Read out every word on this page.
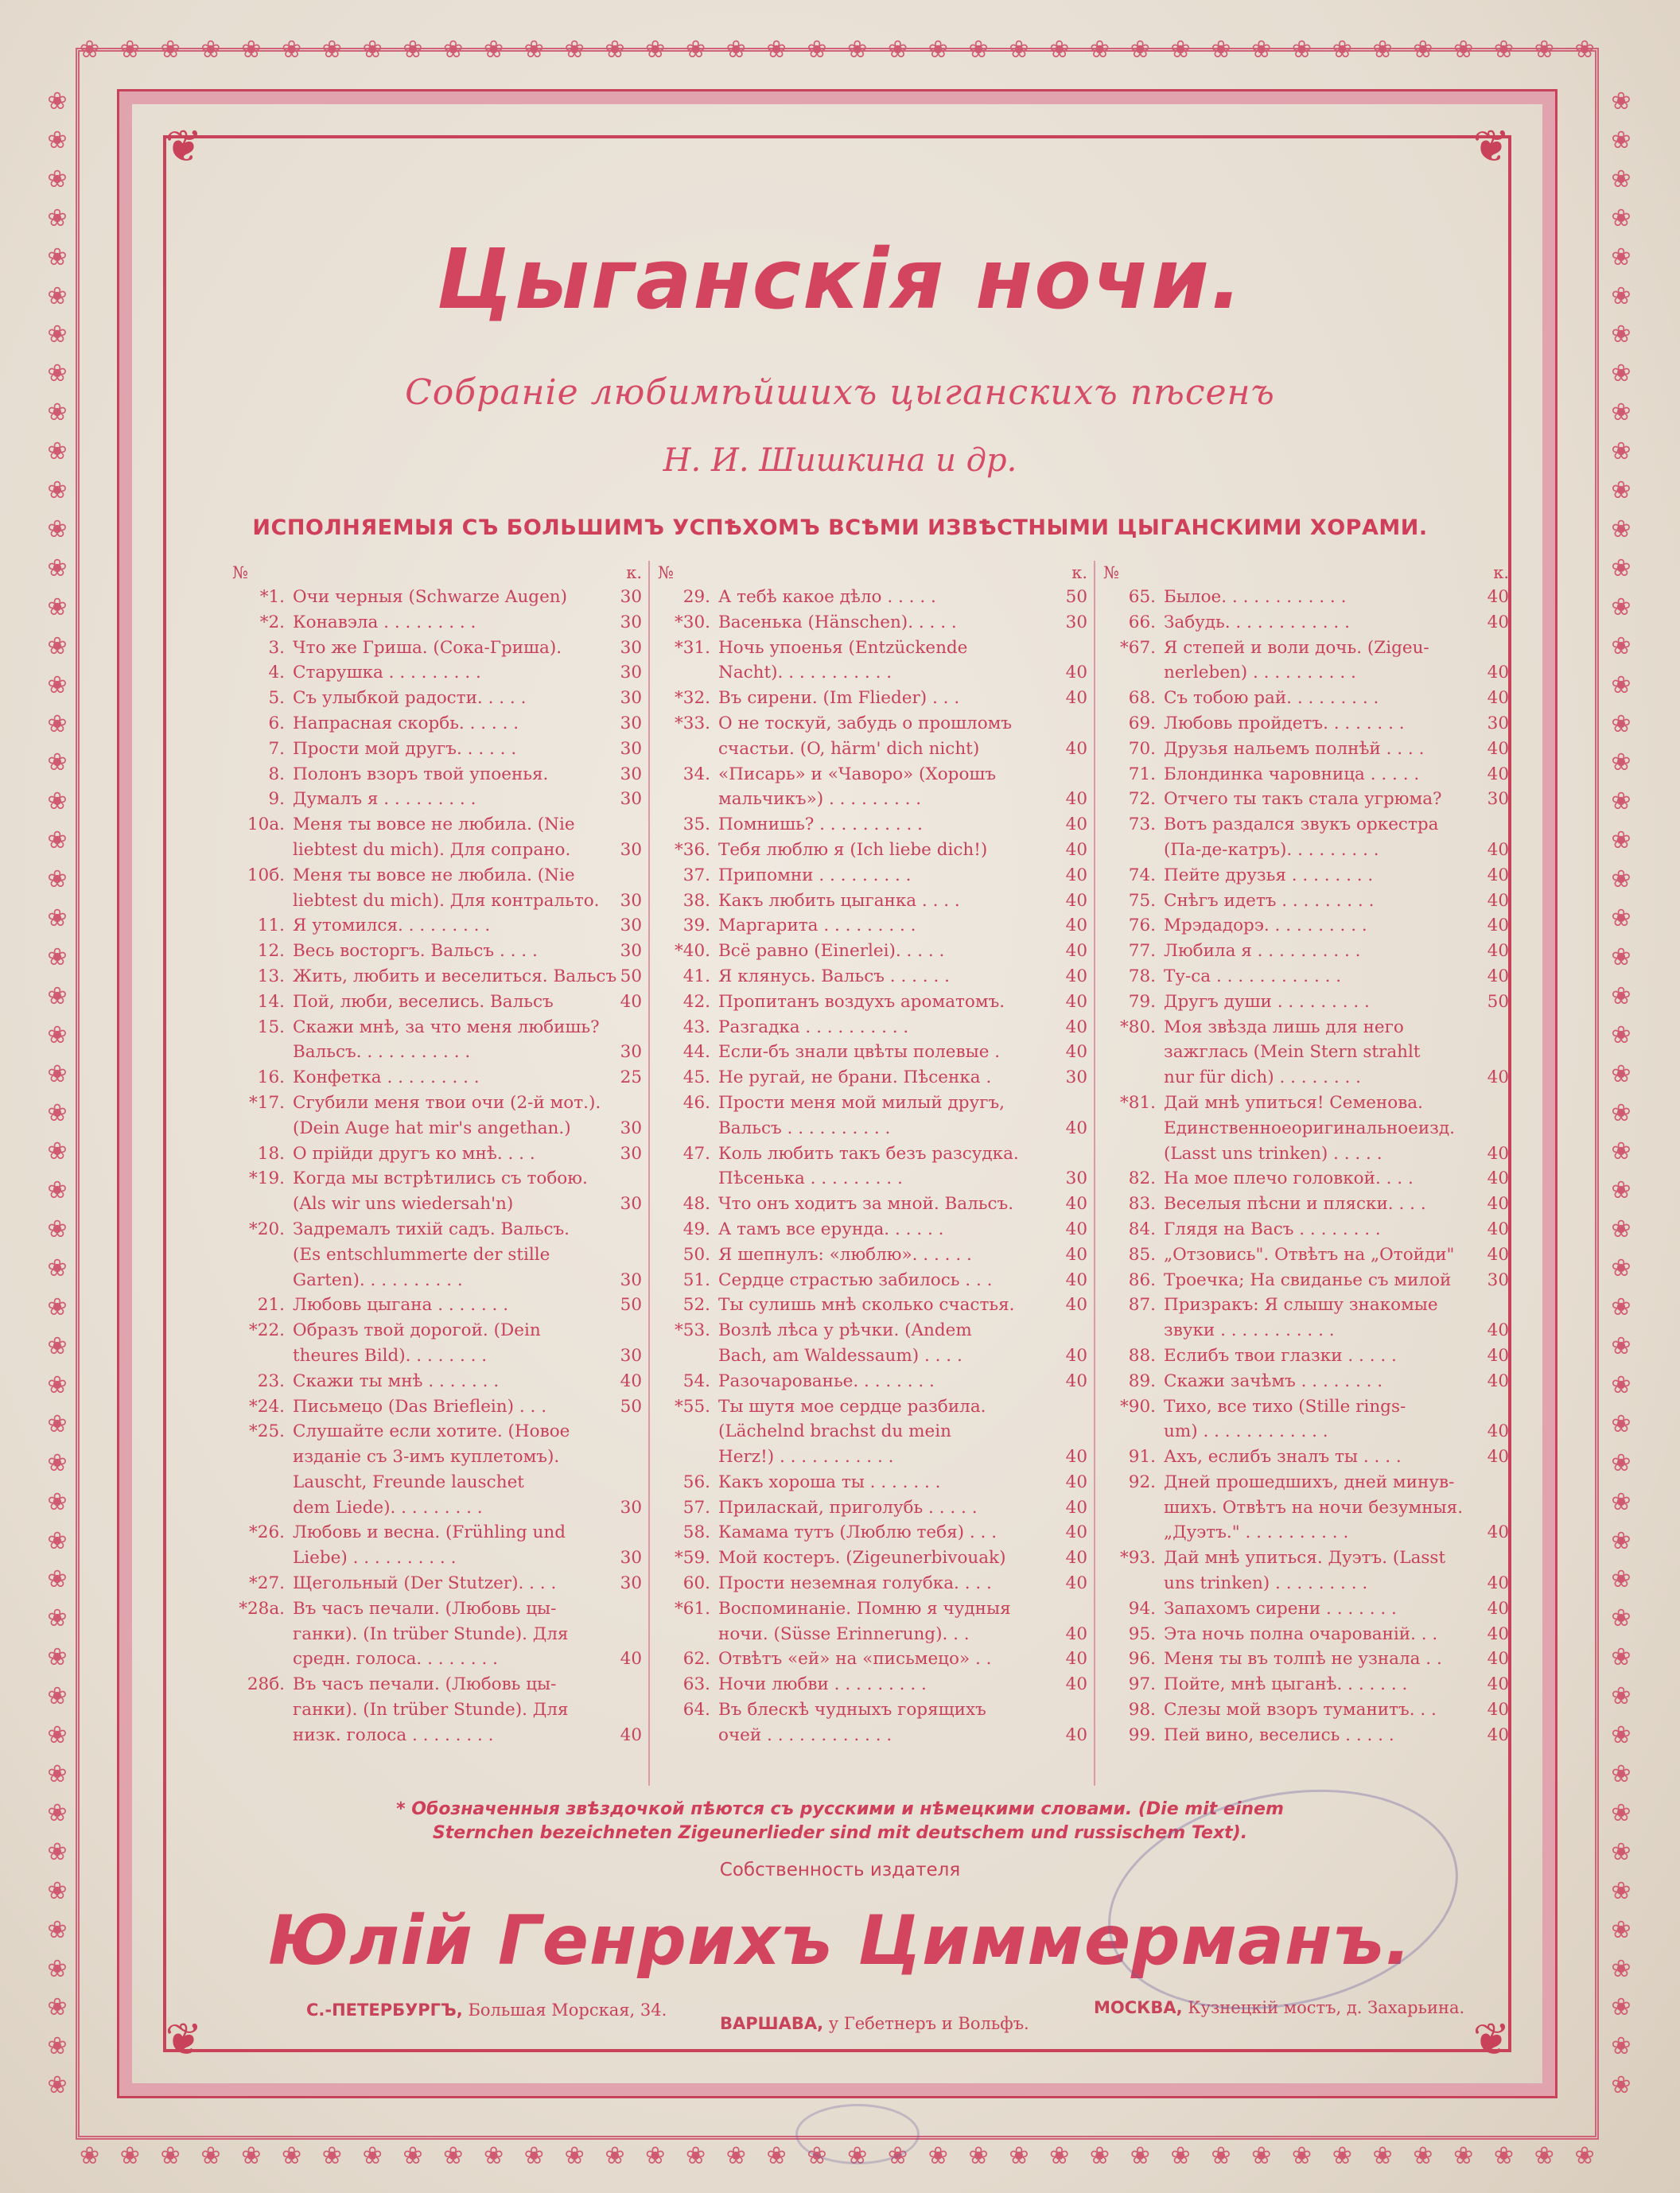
❀ ❀ ❀ ❀ ❀ ❀ ❀ ❀ ❀ ❀ ❀ ❀ ❀ ❀ ❀ ❀ ❀ ❀ ❀ ❀ ❀ ❀ ❀ ❀ ❀ ❀ ❀ ❀ ❀ ❀ ❀ ❀ ❀ ❀ ❀ ❀ ❀ ❀
❀ ❀ ❀ ❀ ❀ ❀ ❀ ❀ ❀ ❀ ❀ ❀ ❀ ❀ ❀ ❀ ❀ ❀ ❀ ❀ ❀ ❀ ❀ ❀ ❀ ❀ ❀ ❀ ❀ ❀ ❀ ❀ ❀ ❀ ❀ ❀ ❀ ❀
❀
❀
❀
❀
❀
❀
❀
❀
❀
❀
❀
❀
❀
❀
❀
❀
❀
❀
❀
❀
❀
❀
❀
❀
❀
❀
❀
❀
❀
❀
❀
❀
❀
❀
❀
❀
❀
❀
❀
❀
❀
❀
❀
❀
❀
❀
❀
❀
❀
❀
❀
❀
❀
❀
❀
❀
❀
❀
❀
❀
❀
❀
❀
❀
❀
❀
❀
❀
❀
❀
❀
❀
❀
❀
❀
❀
❀
❀
❀
❀
❀
❀
❀
❀
❀
❀
❀
❀
❀
❀
❀
❀
❀
❀
❀
❀
❀
❀
❀
❀
❀
❀
❀
❀
❦	❦
❦	❦
Цыганскія ночи.
Собраніе любимѣйшихъ цыганскихъ пѣсенъ
Н. И. Шишкина и др.
ИСПОЛНЯЕМЫЯ СЪ БОЛЬШИМЪ УСПѢХОМЪ ВСѢМИ ИЗВѢСТНЫМИ ЦЫГАНСКИМИ ХОРАМИ.
№	к.
*1. Очи черныя (Schwarze Augen)	30
*2. Конавэла . . . . . . . . .	30
3. Что же Гриша. (Сока-Гриша).	30
4. Старушка . . . . . . . . .	30
5. Съ улыбкой радости. . . . .	30
6. Напрасная скорбь. . . . . .	30
7. Прости мой другъ. . . . . .	30
8. Полонъ взоръ твой упоенья.	30
9. Думалъ я . . . . . . . . .	30
10a. Меня ты вовсе не любила. (Nie
liebtest du mich). Для сопрано.	30
10б. Меня ты вовсе не любила. (Nie
liebtest du mich). Для контральто.	30
11. Я утомился. . . . . . . . .	30
12. Весь восторгъ. Вальсъ . . . .	30
13. Жить, любить и веселиться. Вальсъ 50
14. Пой, люби, веселись. Вальсъ	40
15. Скажи мнѣ, за что меня любишь?
Вальсъ. . . . . . . . . . .	30
16. Конфетка . . . . . . . . .	25
*17. Сгубили меня твои очи (2-й мот.).
(Dein Auge hat mir's angethan.)	30
18. О прійди другъ ко мнѣ. . . .	30
*19. Когда мы встрѣтились съ тобою.
(Als wir uns wiedersah'n)	30
*20. Задремалъ тихій садъ. Вальсъ.
(Es entschlummerte der stille
Garten). . . . . . . . . .	30
21. Любовь цыгана . . . . . . .	50
*22. Образъ твой дорогой. (Dein
theures Bild). . . . . . . .	30
23. Скажи ты мнѣ . . . . . . .	40
*24. Письмецо (Das Brieflein) . . .	50
*25. Слушайте если хотите. (Новое
изданіе съ 3-имъ куплетомъ).
Lauscht, Freunde lauschet
dem Liede). . . . . . . . .	30
*26. Любовь и весна. (Frühling und
Liebe) . . . . . . . . . .	30
*27. Щегольный (Der Stutzer). . . .	30
*28a. Въ часъ печали. (Любовь цы-
ганки). (In trüber Stunde). Для
средн. голоса. . . . . . . .	40
28б. Въ часъ печали. (Любовь цы-
ганки). (In trüber Stunde). Для
низк. голоса . . . . . . . .	40
№	к.
29. А тебѣ какое дѣло . . . . .	50
*30. Васенька (Hänschen). . . . .	30
*31. Ночь упоенья (Entzückende
Nacht). . . . . . . . . . .	40
*32. Въ сирени. (Im Flieder) . . .	40
*33. О не тоскуй, забудь о прошломъ
счастьи. (O, härm' dich nicht)	40
34. «Писарь» и «Чаворо» (Хорошъ
мальчикъ») . . . . . . . . .	40
35. Помнишь? . . . . . . . . . .	40
*36. Тебя люблю я (Ich liebe dich!)	40
37. Припомни . . . . . . . . .	40
38. Какъ любить цыганка . . . .	40
39. Маргарита . . . . . . . . .	40
*40. Всё равно (Einerlei). . . . .	40
41. Я клянусь. Вальсъ . . . . . .	40
42. Пропитанъ воздухъ ароматомъ.	40
43. Разгадка . . . . . . . . . .	40
44. Если-бъ знали цвѣты полевые .	40
45. Не ругай, не брани. Пѣсенка .	30
46. Прости меня мой милый другъ,
Вальсъ . . . . . . . . . .	40
47. Коль любить такъ безъ разсудка.
Пѣсенька . . . . . . . . .	30
48. Что онъ ходитъ за мной. Вальсъ.	40
49. А тамъ все ерунда. . . . . .	40
50. Я шепнулъ: «люблю». . . . . .	40
51. Сердце страстью забилось . . .	40
52. Ты сулишь мнѣ сколько счастья.	40
*53. Возлѣ лѣса у рѣчки. (Andem
Bach, am Waldessaum) . . . .	40
54. Разочарованье. . . . . . . .	40
*55. Ты шутя мое сердце разбила.
(Lächelnd brachst du mein
Herz!) . . . . . . . . . . .	40
56. Какъ хороша ты . . . . . . .	40
57. Приласкай, приголубь . . . . .	40
58. Камама тутъ (Люблю тебя) . . .	40
*59. Мой костеръ. (Zigeunerbivouak)	40
60. Прости неземная голубка. . . .	40
*61. Воспоминаніе. Помню я чудныя
ночи. (Süsse Erinnerung). . .	40
62. Отвѣтъ «ей» на «письмецо» . .	40
63. Ночи любви . . . . . . . . .	40
64. Въ блескѣ чудныхъ горящихъ
очей . . . . . . . . . . . .	40
№	к.
65. Былое. . . . . . . . . . . .	40
66. Забудь. . . . . . . . . . . .	40
*67. Я степей и воли дочь. (Zigeu-
nerleben) . . . . . . . . . .	40
68. Съ тобою рай. . . . . . . . .	40
69. Любовь пройдетъ. . . . . . . .	30
70. Друзья нальемъ полнѣй . . . .	40
71. Блондинка чаровница . . . . .	40
72. Отчего ты такъ стала угрюма?	30
73. Вотъ раздался звукъ оркестра
(Па-де-катръ). . . . . . . . .	40
74. Пейте друзья . . . . . . . .	40
75. Снѣгъ идетъ . . . . . . . . .	40
76. Мрэдадорэ. . . . . . . . . .	40
77. Любила я . . . . . . . . . .	40
78. Ту-са . . . . . . . . . . . .	40
79. Другъ души . . . . . . . . .	50
*80. Моя звѣзда лишь для него
зажглась (Mein Stern strahlt
nur für dich) . . . . . . . .	40
*81. Дай мнѣ упиться! Семенова.
Единственноеоригинальноеизд.
(Lasst uns trinken) . . . . .	40
82. На мое плечо головкой. . . .	40
83. Веселыя пѣсни и пляски. . . .	40
84. Глядя на Васъ . . . . . . . .	40
85. „Отзовись". Отвѣтъ на „Отойди"	40
86. Троечка; На свиданье съ милой	30
87. Призракъ: Я слышу знакомые
звуки . . . . . . . . . . .	40
88. Еслибъ твои глазки . . . . .	40
89. Скажи зачѣмъ . . . . . . . .	40
*90. Тихо, все тихо (Stille rings-
um) . . . . . . . . . . . .	40
91. Ахъ, еслибъ зналъ ты . . . .	40
92. Дней прошедшихъ, дней минув-
шихъ. Отвѣтъ на ночи безумныя.
„Дуэтъ." . . . . . . . . . .	40
*93. Дай мнѣ упиться. Дуэтъ. (Lasst
uns trinken) . . . . . . . . .	40
94. Запахомъ сирени . . . . . . .	40
95. Эта ночь полна очарованій. . .	40
96. Меня ты въ толпѣ не узнала . .	40
97. Пойте, мнѣ цыганѣ. . . . . . .	40
98. Слезы мой взоръ туманитъ. . .	40
99. Пей вино, веселись . . . . .	40
* Обозначенныя звѣздочкой пѣются съ русскими и нѣмецкими словами. (Die mit einem
Sternchen bezeichneten Zigeunerlieder sind mit deutschem und russischem Text).
Собственность издателя
Юлій Генрихъ Циммерманъ.
С.-ПЕТЕРБУРГЪ, Большая Морская, 34.
ВАРШАВА, у Гебетнеръ и Вольфъ.
МОСКВА, Кузнецкій мостъ, д. Захарьина.
